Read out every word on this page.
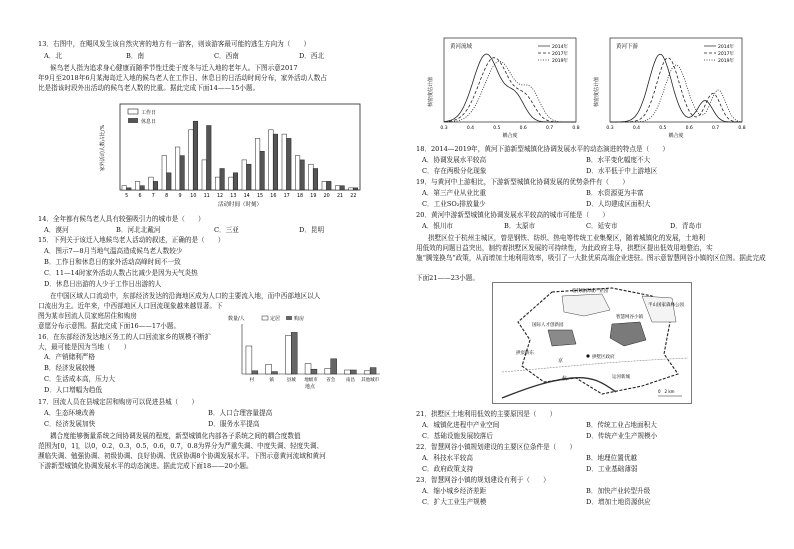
13．右图中，在飓风发生该自然灾害的地方有一游客，则该游客最可能的逃生方向为（　　）

A．北	B．南	C．西南	D．西北

候鸟老人指为追求身心健康而随季节性迁徙于度冬与迁入地的老年人。下图示意2017

年9月至2018年6月某海岛迁入地的候鸟老人在工作日、休息日的日活动时间分布，家外活动人数占

比是指该时段外出活动的候鸟老人数的比重。据此完成下面14——15小题。

家外活动人数占比/%
活动时间（时刻）
工作日
休息日
5 6 7 8 9 10 11 12 13 14 15 16 17 18 19 20 21 22

14．全年都有候鸟老人具有较强吸引力的城市是（　　）

A．漠河	B．河北北戴河	C．三亚	D．昆明

15．下列关于该迁入地候鸟老人活动的叙述，正确的是（　　）

A．图示7—8月当地气温高造成候鸟老人数较少

B．工作日和休息日的家外活动高峰时间不一致

C．11—14时家外活动人数占比减少是因为天气炎热

D．休息日出游的人少于工作日出游的人

在中国区域人口流动中，东部经济发达的沿海地区成为人口的主要流入地，而中西部地区以人

口流出为主。近年来，中西部地区人口回流现象越来越显著。下图为某市回流人员家庭居住和购房

意愿分布示意图。据此完成下面16——17小题。

数量/人	定居	购房
村	镇	县城 地级市 省会 南昌 其他城市
地点

16．在东部经济发达地区务工的人口回流家乡的规模不断扩大，最可能是因为当地（　　）

A．产销储利严格

B．经济发展较慢

C．生活成本高，压力大

D．人口增幅为趋低

17．回流人员在县城定居和购房可以促进县城（　　）

A．生态环境改善	B．人口合理容量提高

C．经济发展加快	D．服务水平提高

耦合度能够衡量系统之间协调发展的程度，新型城镇化内部各子系统之间的耦合度数值

范围为[0，1]，以0，0.2，0.3，0.5，0.6，0.7，0.8为界分为严重失调、中度失调、轻度失调、

濒临失调、勉强协调、初级协调、良好协调、优质协调8个协调发展水平。下图示意黄河流域和黄河

下游新型城镇化协调发展水平的动态演进。据此完成下面18——20小题。

核密度估计值
黄河流域	2014年
2017年
2019年
0.3	0.4	0.5	0.6	0.7	0.8
耦合度
核密度估计值
黄河下游	2014年
2017年
2019年
0.3	0.4	0.5	0.6	0.7	0.8
耦合度

18．2014—2019年，黄河下游新型城镇化协调发展水平的动态演进的特点是（　　）

A．协调发展水平较高	B．水平变化幅度不大

C．存在两极分化现象	D．水平低于中上游地区

19．与黄河中上游相比，下游新型城镇化协调发展的优势条件有（　　）

A．第三产业从业比重	B．水资源更为丰富

C．工业SO₂排放量少	D．人均建成区面积大

20．黄河中游新型城镇化协调发展水平较高的城市可能是（　　）

A．银川市	B．太原市	C．延安市	D．青岛市

拱墅区位于杭州主城区，曾是钢铁、纺织、热电等传统工业集聚区，随着城镇化的发展，土地利

用低效的问题日益突出，制约着拱墅区发展的可持续性，为此政府主导，拱墅区提出低效用地整治，实

施“腾笼换鸟”政策，从而增加土地利用效率，吸引了一大批优质高端企业进驻。图示意智慧网谷小镇的区位图。据此完成

下面21——23小题。

临钱塘新城产业园
半山国家森林公园
智慧网谷小镇
国际人才创新园
拱墅区政府
运河新城
京
杭
拱宸桥东
0　2 km

21．拱墅区土地利用低效的主要原因是（　　）

A．城镇化进程中产业空间	B．传统工业占地面积大

C．基础设施发展较落后	D．传统产业生产规模小

22．智慧网谷小镇规划建设的主要区位条件是（　　）

A．科技水平较高	B．地理位置优越

C．政府政策支持	D．工业基础薄弱

23．智慧网谷小镇的规划建设有利于（　　）

A．缩小城乡经济差距	B．加快产业转型升级

C．扩大工业生产规模	D．增加土地资源供应
